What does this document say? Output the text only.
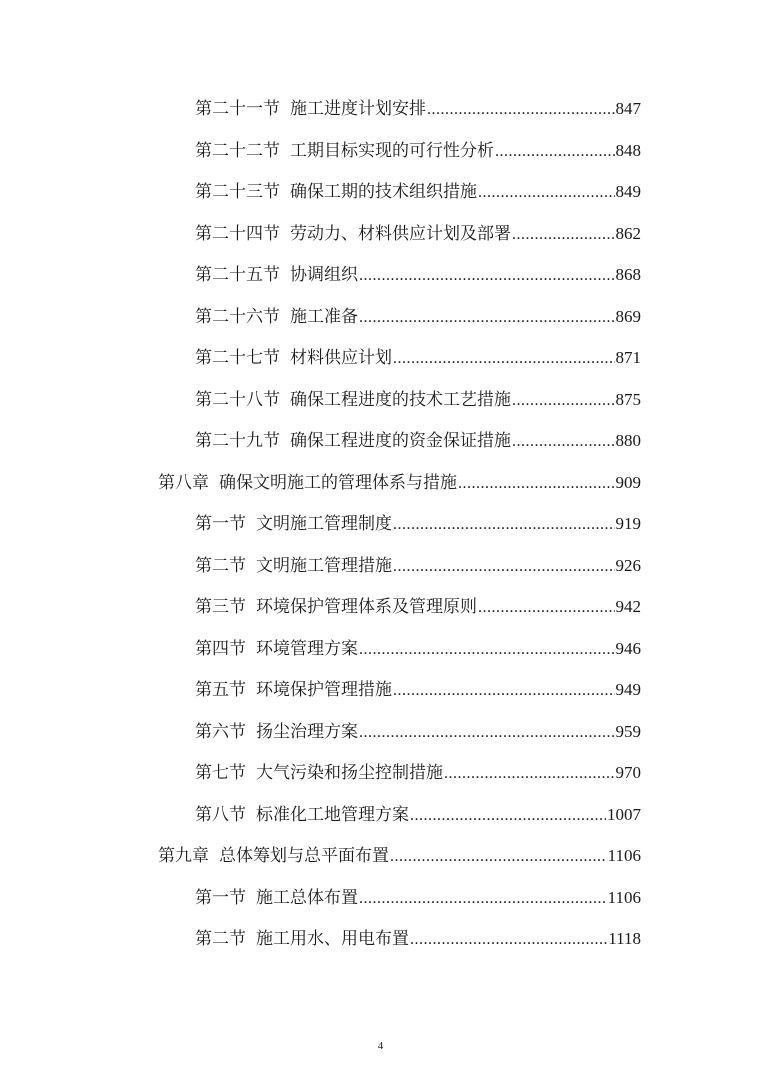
第二十一节 施工进度计划安排 .....	847
第二十二节 工期目标实现的可行性分析 .....	848
第二十三节 确保工期的技术组织措施 .....	849
第二十四节 劳动力、材料供应计划及部署 .....	862
第二十五节 协调组织 .....	868
第二十六节 施工准备 .....	869
第二十七节 材料供应计划 .....	871
第二十八节 确保工程进度的技术工艺措施 .....	875
第二十九节 确保工程进度的资金保证措施 .....	880
第八章 确保文明施工的管理体系与措施 .....	909
第一节 文明施工管理制度 .....	919
第二节 文明施工管理措施 .....	926
第三节 环境保护管理体系及管理原则 .....	942
第四节 环境管理方案 .....	946
第五节 环境保护管理措施 .....	949
第六节 扬尘治理方案 .....	959
第七节 大气污染和扬尘控制措施 .....	970
第八节 标准化工地管理方案 .....	1007
第九章 总体筹划与总平面布置 .....	1106
第一节 施工总体布置 .....	1106
第二节 施工用水、用电布置 .....	1118
4
